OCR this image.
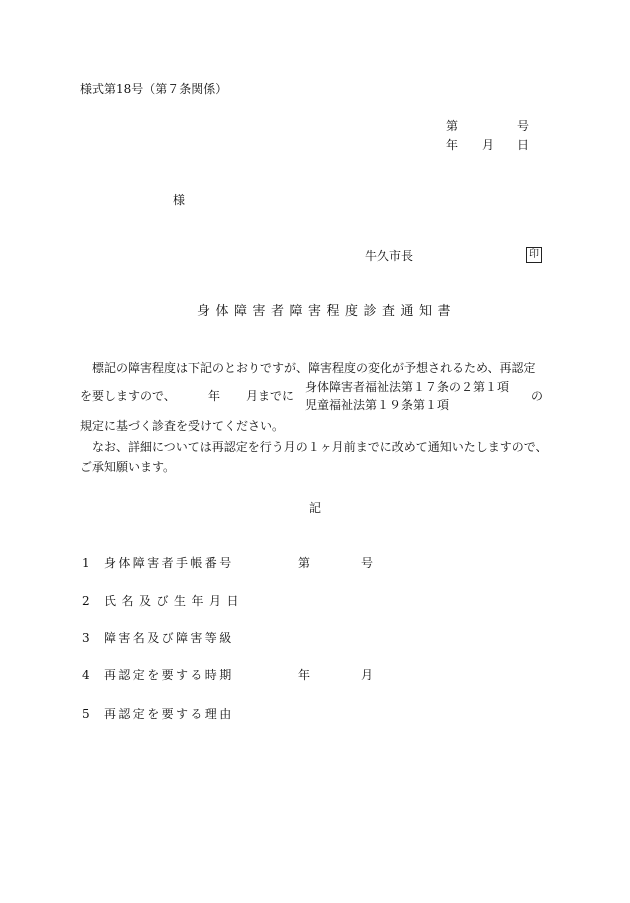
様式第18号（第７条関係）
第	号
年 月 日
様
牛久市長	印
身体障害者障害程度診査通知書
標記の障害程度は下記のとおりですが、障害程度の変化が予想されるため、再認定
を要しますので、	年 月までに
身体障害者福祉法第１７条の２第１項
児童福祉法第１９条第１項
の
規定に基づく診査を受けてください。
なお、詳細については再認定を行う月の１ヶ月前までに改めて通知いたしますので、
ご承知願います。
記
1 身体障害者手帳番号	第	号
2 氏名及び生年月日
3 障害名及び障害等級
4 再認定を要する時期	年	月
5 再認定を要する理由
